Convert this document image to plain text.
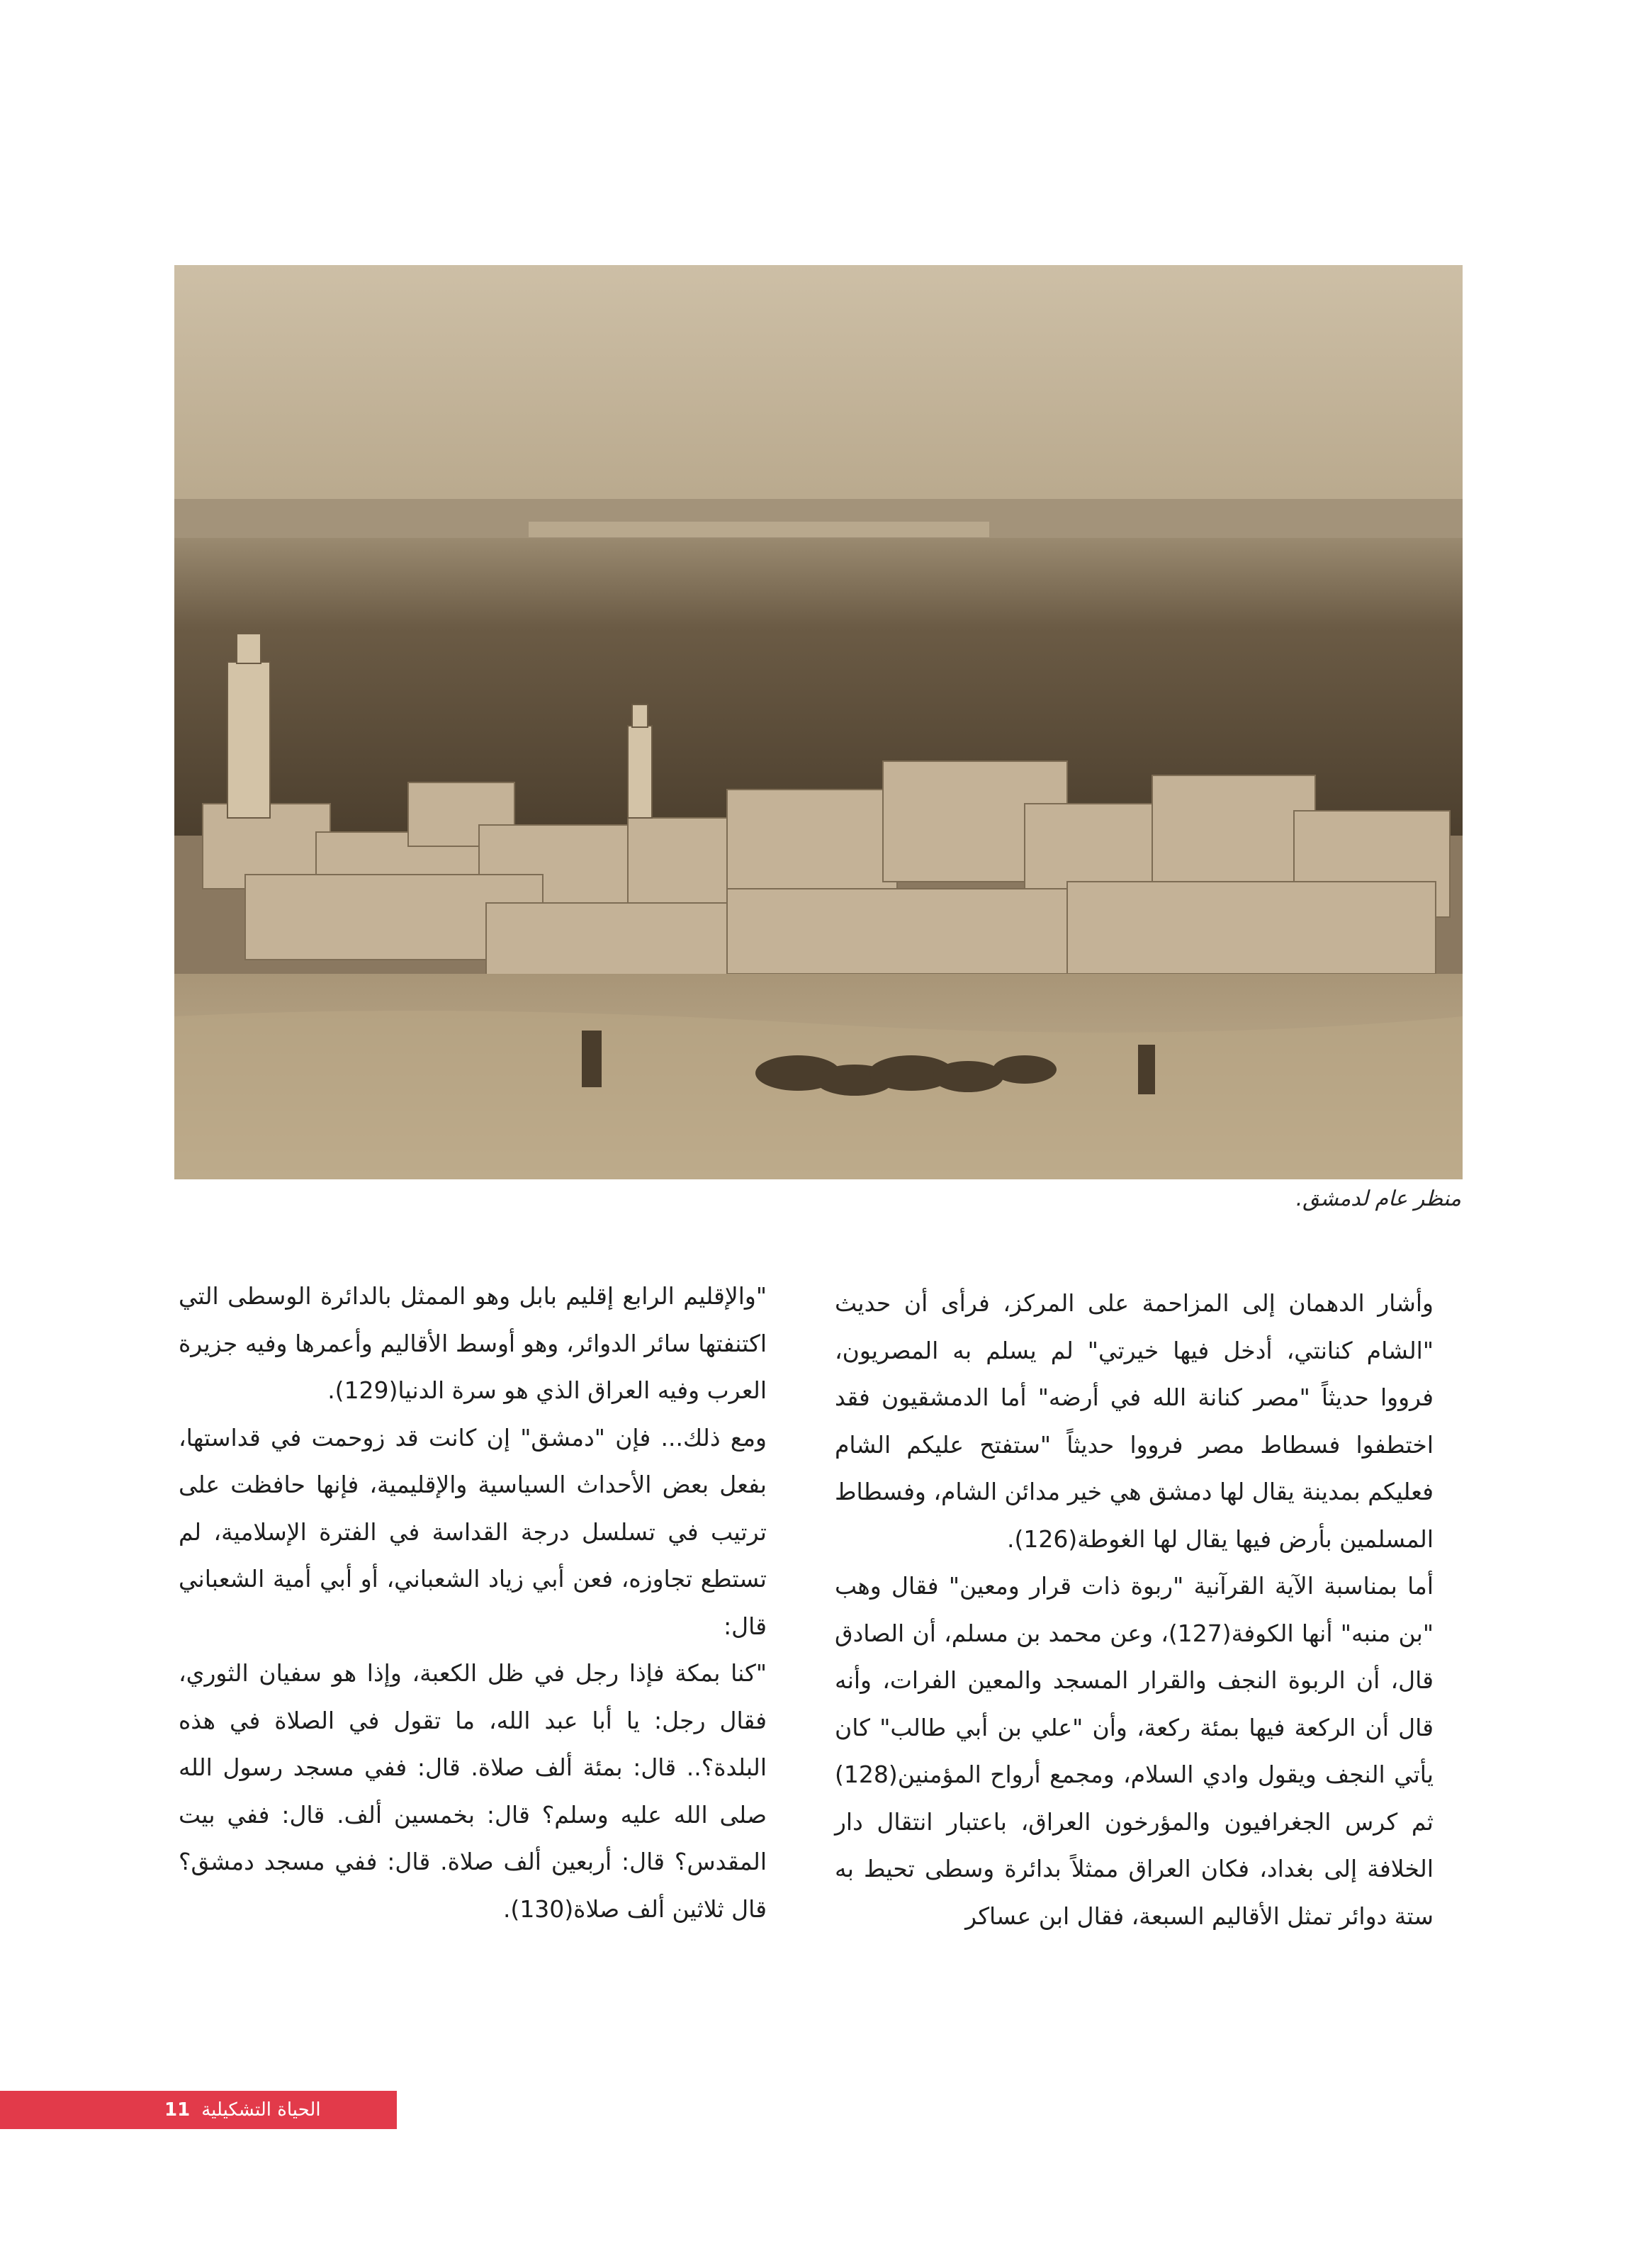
منظر عام لدمشق.

وأشار الدهمان إلى المزاحمة على المركز، فرأى أن حديث "الشام كنانتي، أدخل فيها خيرتي" لم يسلم به المصريون، فرووا حديثاً "مصر كنانة الله في أرضه" أما الدمشقيون فقد اختطفوا فسطاط مصر فرووا حديثاً "ستفتح عليكم الشام فعليكم بمدينة يقال لها دمشق هي خير مدائن الشام، وفسطاط المسلمين بأرض فيها يقال لها الغوطة(126).

أما بمناسبة الآية القرآنية "ربوة ذات قرار ومعين" فقال وهب "بن منبه" أنها الكوفة(127)، وعن محمد بن مسلم، أن الصادق قال، أن الربوة النجف والقرار المسجد والمعين الفرات، وأنه قال أن الركعة فيها بمئة ركعة، وأن "علي بن أبي طالب" كان يأتي النجف ويقول وادي السلام، ومجمع أرواح المؤمنين(128) ثم كرس الجغرافيون والمؤرخون العراق، باعتبار انتقال دار الخلافة إلى بغداد، فكان العراق ممثلاً بدائرة وسطى تحيط به ستة دوائر تمثل الأقاليم السبعة، فقال ابن عساكر

"والإقليم الرابع إقليم بابل وهو الممثل بالدائرة الوسطى التي اكتنفتها سائر الدوائر، وهو أوسط الأقاليم وأعمرها وفيه جزيرة العرب وفيه العراق الذي هو سرة الدنيا(129).

ومع ذلك... فإن "دمشق" إن كانت قد زوحمت في قداستها، بفعل بعض الأحداث السياسية والإقليمية، فإنها حافظت على ترتيب في تسلسل درجة القداسة في الفترة الإسلامية، لم تستطع تجاوزه، فعن أبي زياد الشعباني، أو أبي أمية الشعباني قال:

"كنا بمكة فإذا رجل في ظل الكعبة، وإذا هو سفيان الثوري، فقال رجل: يا أبا عبد الله، ما تقول في الصلاة في هذه البلدة؟.. قال: بمئة ألف صلاة. قال: ففي مسجد رسول الله صلى الله عليه وسلم؟ قال: بخمسين ألف. قال: ففي بيت المقدس؟ قال: أربعين ألف صلاة. قال: ففي مسجد دمشق؟ قال ثلاثين ألف صلاة(130).

11 الحياة التشكيلية
